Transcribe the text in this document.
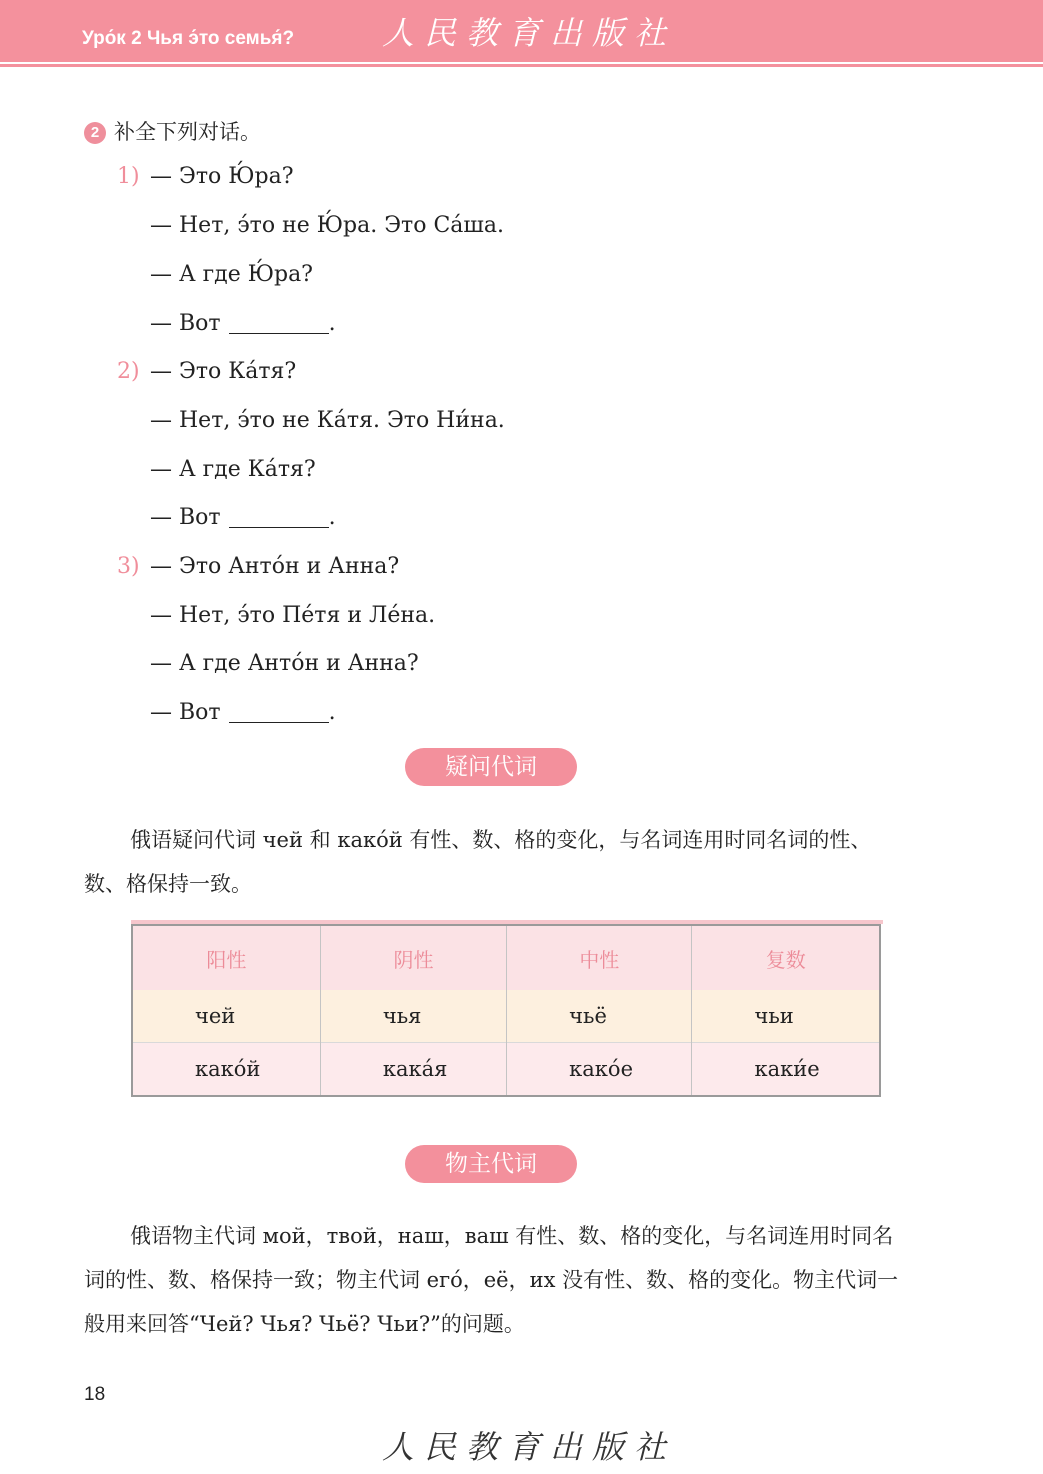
Уро́к 2 Чья э́то семья́?	人民教育出版社
2 补全下列对话。
1) — Это Ю́ра?
— Нет, э́то не Ю́ра. Это Са́ша.
— А где Ю́ра?
— Вот	.
2) — Это Ка́тя?
— Нет, э́то не Ка́тя. Это Ни́на.
— А где Ка́тя?
— Вот	.
3) — Это Анто́н и Анна?
— Нет, э́то Пе́тя и Ле́на.
— А где Анто́н и Анна?
— Вот	.
疑问代词
俄语疑问代词 чей 和 како́й 有性、数、格的变化，与名词连用时同名词的性、数、格保持一致。
阳性	阴性	中性	复数
чей	чья	чьё	чьи
како́й	кака́я	како́е	каки́е
物主代词
俄语物主代词 мой，твой，наш，ваш 有性、数、格的变化，与名词连用时同名词的性、数、格保持一致；物主代词 его́，её，их 没有性、数、格的变化。物主代词一般用来回答“Чей? Чья? Чьё? Чьи?”的问题。
18
人民教育出版社
